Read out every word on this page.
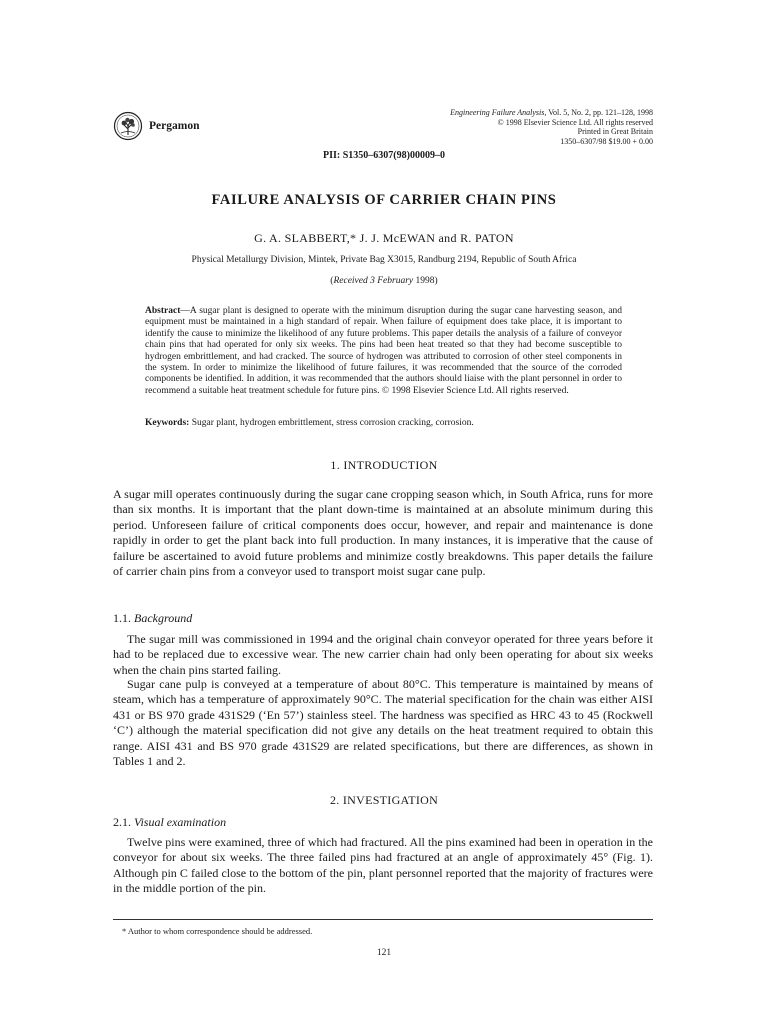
Pergamon
Engineering Failure Analysis, Vol. 5, No. 2, pp. 121–128, 1998
© 1998 Elsevier Science Ltd. All rights reserved
Printed in Great Britain
1350–6307/98 $19.00 + 0.00
PII: S1350–6307(98)00009–0
FAILURE ANALYSIS OF CARRIER CHAIN PINS
G. A. SLABBERT,* J. J. McEWAN and R. PATON
Physical Metallurgy Division, Mintek, Private Bag X3015, Randburg 2194, Republic of South Africa
(Received 3 February 1998)
Abstract—A sugar plant is designed to operate with the minimum disruption during the sugar cane harvesting season, and equipment must be maintained in a high standard of repair. When failure of equipment does take place, it is important to identify the cause to minimize the likelihood of any future problems. This paper details the analysis of a failure of conveyor chain pins that had operated for only six weeks. The pins had been heat treated so that they had become susceptible to hydrogen embrittlement, and had cracked. The source of hydrogen was attributed to corrosion of other steel components in the system. In order to minimize the likelihood of future failures, it was recommended that the source of the corroded components be identified. In addition, it was recommended that the authors should liaise with the plant personnel in order to recommend a suitable heat treatment schedule for future pins. © 1998 Elsevier Science Ltd. All rights reserved.
Keywords: Sugar plant, hydrogen embrittlement, stress corrosion cracking, corrosion.
1. INTRODUCTION

A sugar mill operates continuously during the sugar cane cropping season which, in South Africa, runs for more than six months. It is important that the plant down-time is maintained at an absolute minimum during this period. Unforeseen failure of critical components does occur, however, and repair and maintenance is done rapidly in order to get the plant back into full production. In many instances, it is imperative that the cause of failure be ascertained to avoid future problems and minimize costly breakdowns. This paper details the failure of carrier chain pins from a conveyor used to transport moist sugar cane pulp.

1.1. Background

The sugar mill was commissioned in 1994 and the original chain conveyor operated for three years before it had to be replaced due to excessive wear. The new carrier chain had only been operating for about six weeks when the chain pins started failing.

Sugar cane pulp is conveyed at a temperature of about 80°C. This temperature is maintained by means of steam, which has a temperature of approximately 90°C. The material specification for the chain was either AISI 431 or BS 970 grade 431S29 (‘En 57’) stainless steel. The hardness was specified as HRC 43 to 45 (Rockwell ‘C’) although the material specification did not give any details on the heat treatment required to obtain this range. AISI 431 and BS 970 grade 431S29 are related specifications, but there are differences, as shown in Tables 1 and 2.

2. INVESTIGATION
2.1. Visual examination

Twelve pins were examined, three of which had fractured. All the pins examined had been in operation in the conveyor for about six weeks. The three failed pins had fractured at an angle of approximately 45° (Fig. 1). Although pin C failed close to the bottom of the pin, plant personnel reported that the majority of fractures were in the middle portion of the pin.

* Author to whom correspondence should be addressed.
121
